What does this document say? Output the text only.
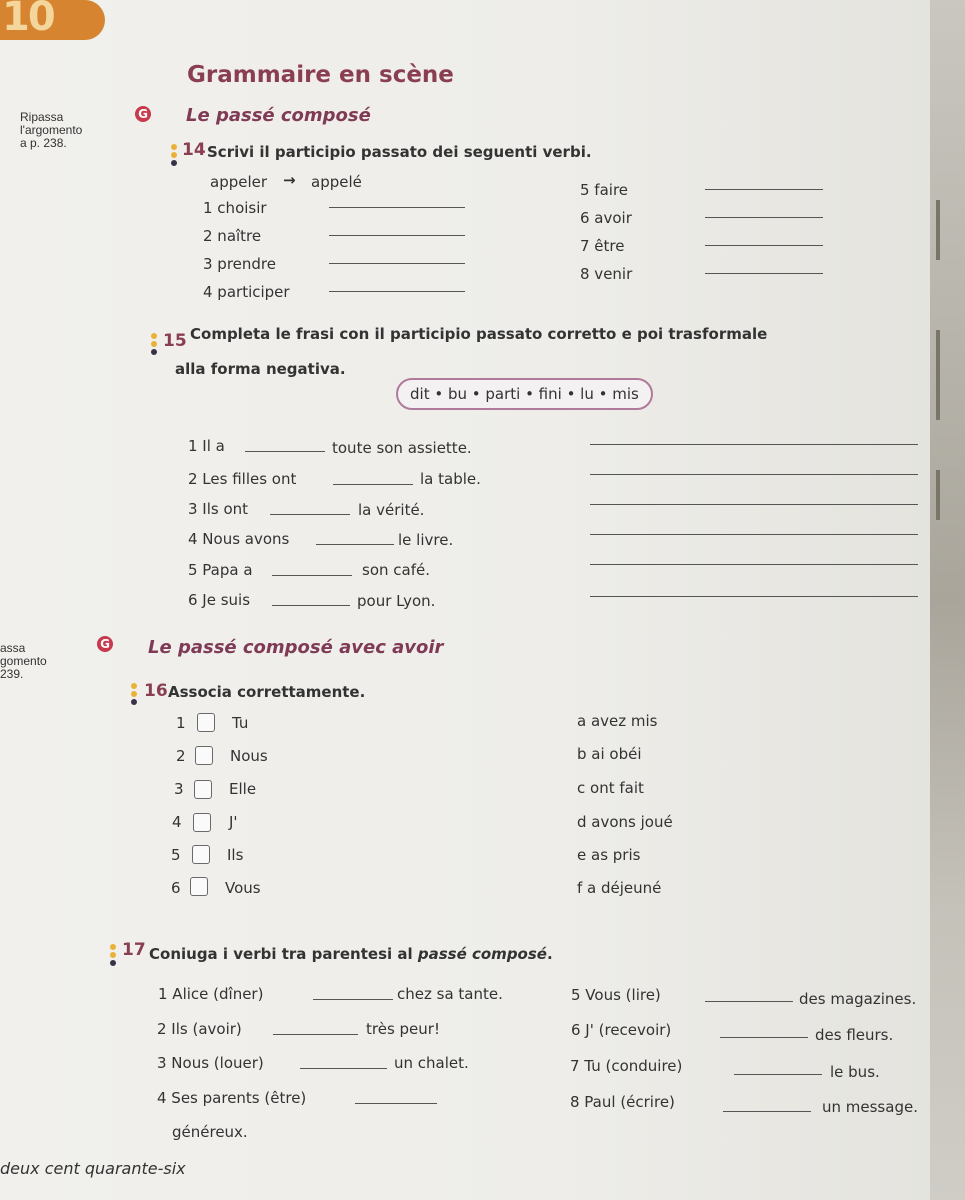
10
Grammaire en scène
Ripassa
l'argomento
a p. 238.
G Le passé composé
14 Scrivi il participio passato dei seguenti verbi.
appeler → appelé
1 choisir
2 naître
3 prendre
4 participer
5 faire
6 avoir
7 être
8 venir
15 Completa le frasi con il participio passato corretto e poi trasformale
alla forma negativa.
dit • bu • parti • fini • lu • mis
1 Il a	toute son assiette.
2 Les filles ont	la table.
3 Ils ont	la vérité.
4 Nous avons	le livre.
5 Papa a	son café.
6 Je suis	pour Lyon.
assa
gomento
239.
G Le passé composé avec avoir
16 Associa correttamente.
1	Tu
2	Nous
3	Elle
4	J'
5	Ils
6	Vous
a avez mis
b ai obéi
c ont fait
d avons joué
e as pris
f a déjeuné
17 Coniuga i verbi tra parentesi al passé composé.
1 Alice (dîner)	chez sa tante.
2 Ils (avoir)	très peur!
3 Nous (louer)	un chalet.
4 Ses parents (être)
généreux.
5 Vous (lire)	des magazines.
6 J' (recevoir)	des fleurs.
7 Tu (conduire)	le bus.
8 Paul (écrire)	un message.
deux cent quarante-six
